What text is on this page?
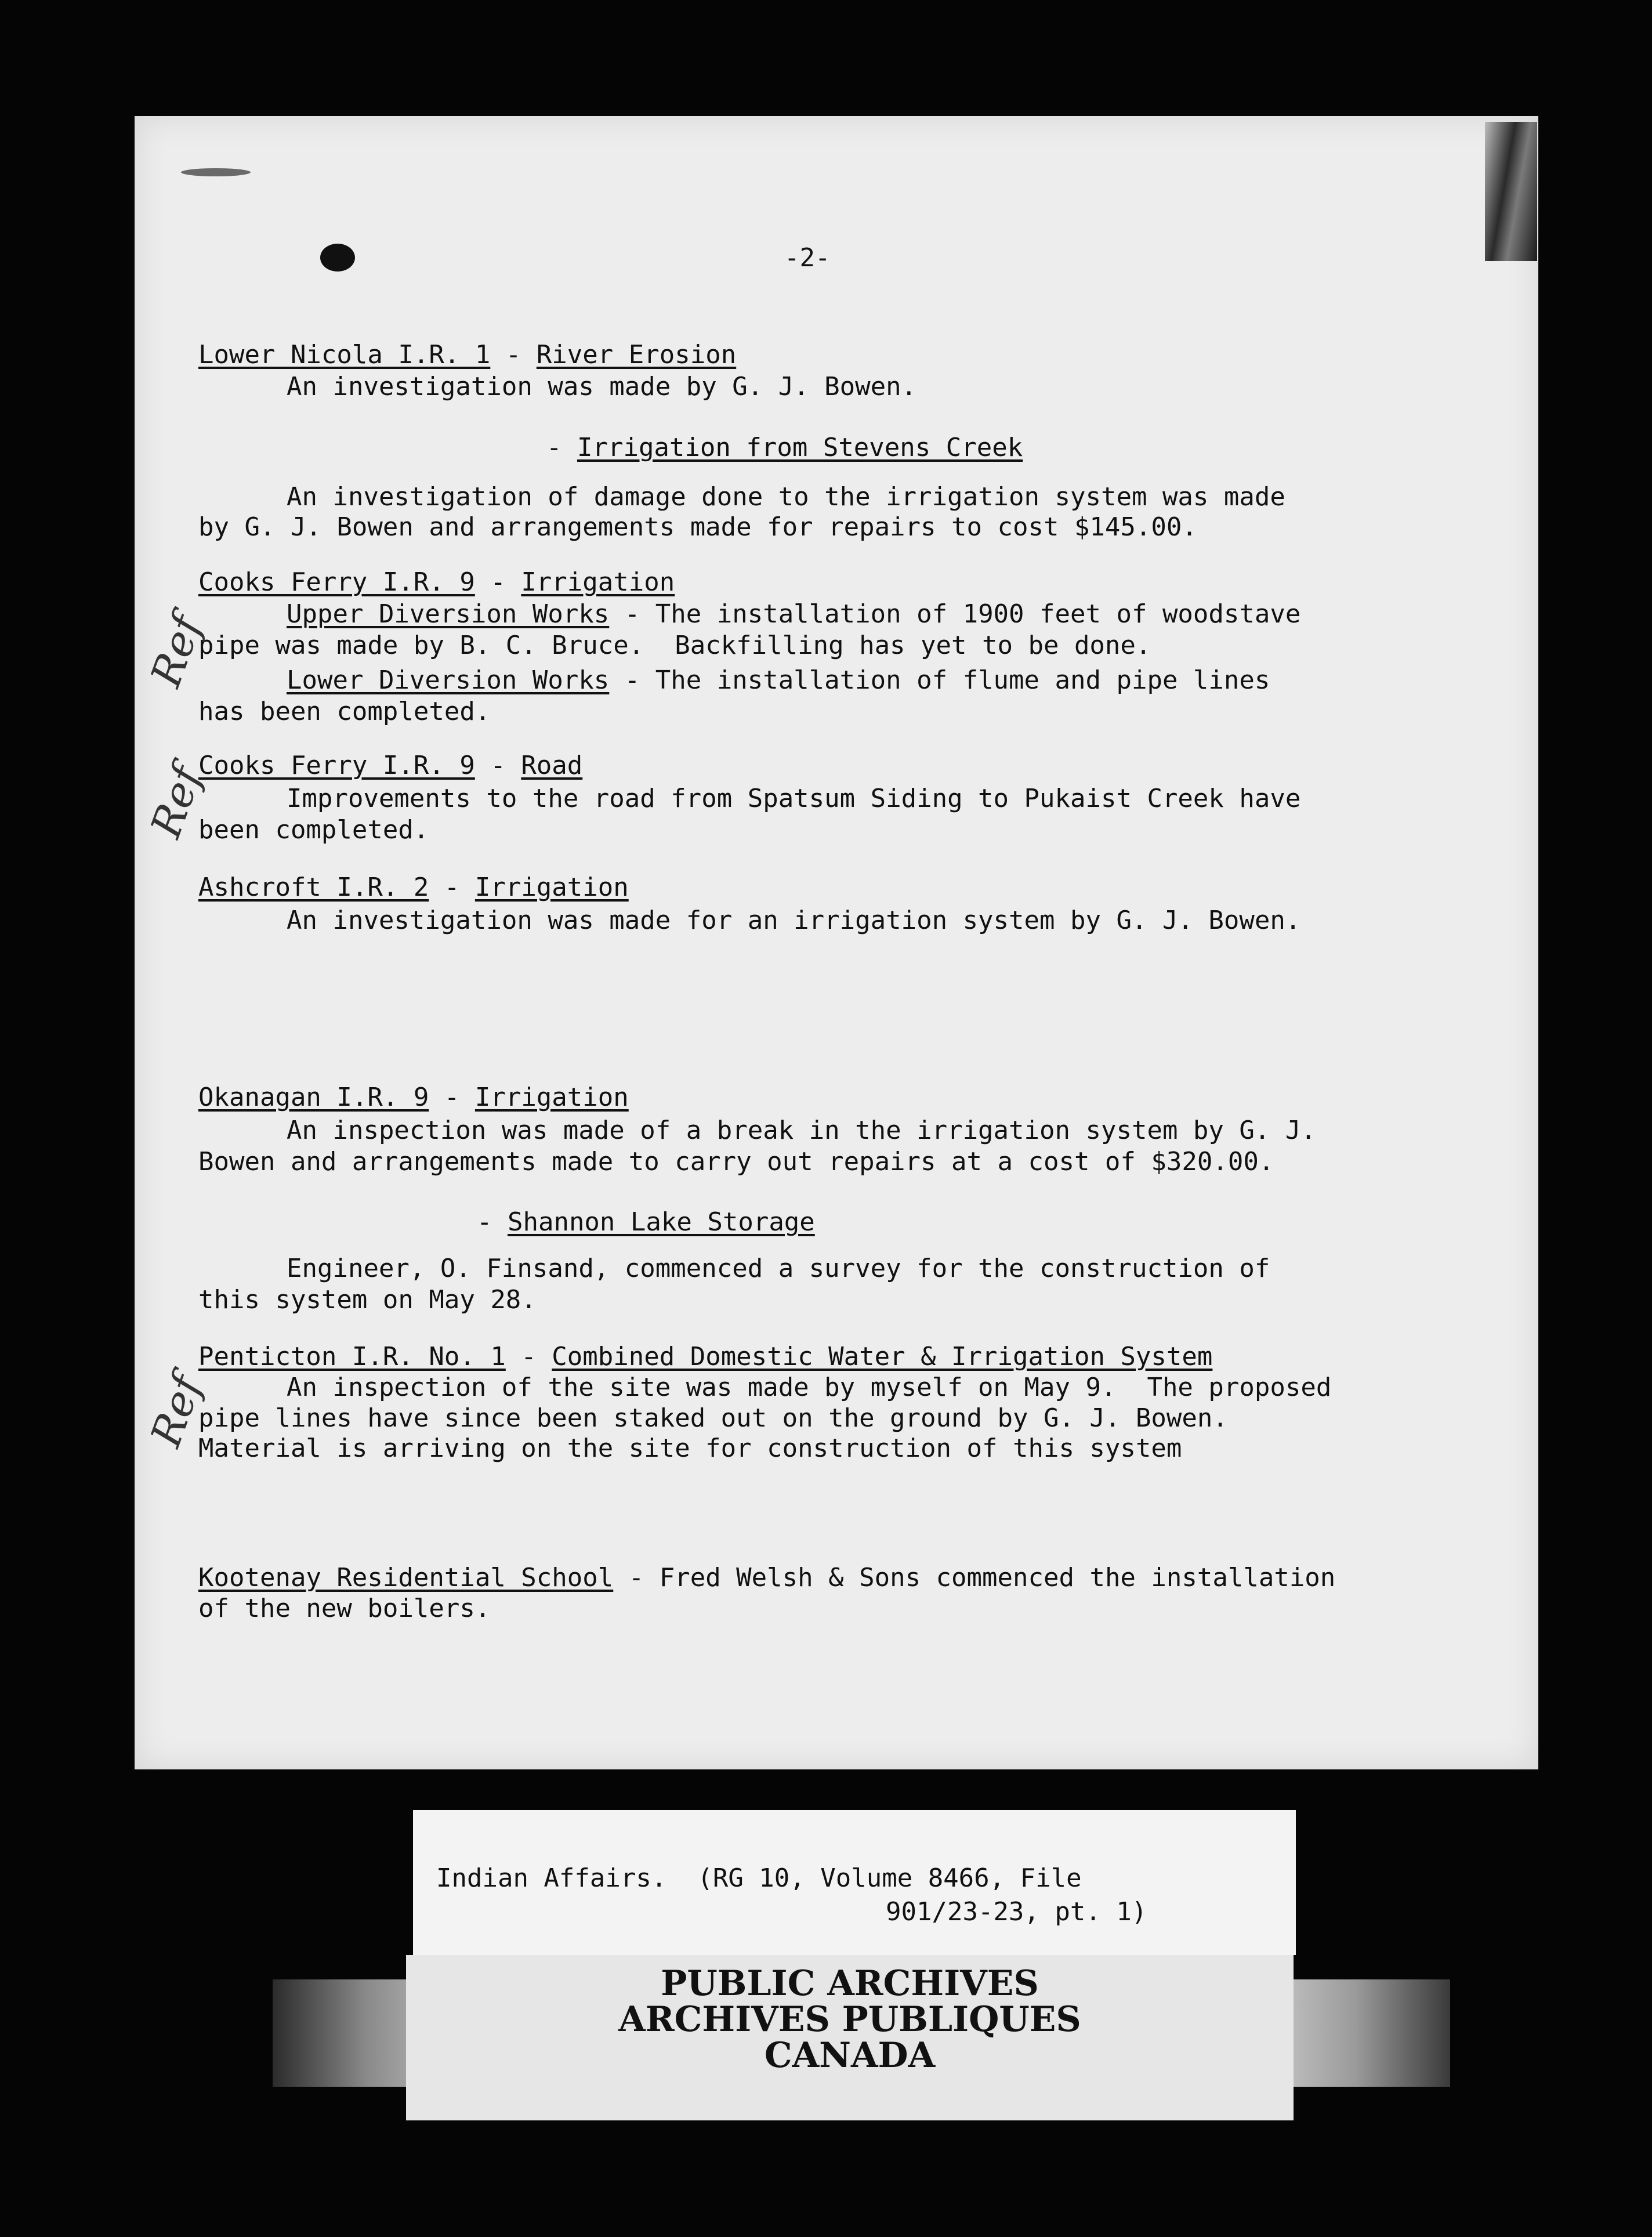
-2-
Lower Nicola I.R. 1 - River Erosion
An investigation was made by G. J. Bowen.
- Irrigation from Stevens Creek
An investigation of damage done to the irrigation system was made
by G. J. Bowen and arrangements made for repairs to cost $145.00.
Cooks Ferry I.R. 9 - Irrigation
Upper Diversion Works - The installation of 1900 feet of woodstave
pipe was made by B. C. Bruce.  Backfilling has yet to be done.
Lower Diversion Works - The installation of flume and pipe lines
has been completed.
Cooks Ferry I.R. 9 - Road
Improvements to the road from Spatsum Siding to Pukaist Creek have
been completed.
Ashcroft I.R. 2 - Irrigation
An investigation was made for an irrigation system by G. J. Bowen.
Okanagan I.R. 9 - Irrigation
An inspection was made of a break in the irrigation system by G. J.
Bowen and arrangements made to carry out repairs at a cost of $320.00.
- Shannon Lake Storage
Engineer, O. Finsand, commenced a survey for the construction of
this system on May 28.
Penticton I.R. No. 1 - Combined Domestic Water & Irrigation System
An inspection of the site was made by myself on May 9.  The proposed
pipe lines have since been staked out on the ground by G. J. Bowen.
Material is arriving on the site for construction of this system
Kootenay Residential School - Fred Welsh & Sons commenced the installation
of the new boilers.
Ref
Ref
Ref
Indian Affairs.  (RG 10, Volume 8466, File
901/23-23, pt. 1)
PUBLIC ARCHIVES
ARCHIVES PUBLIQUES
CANADA
